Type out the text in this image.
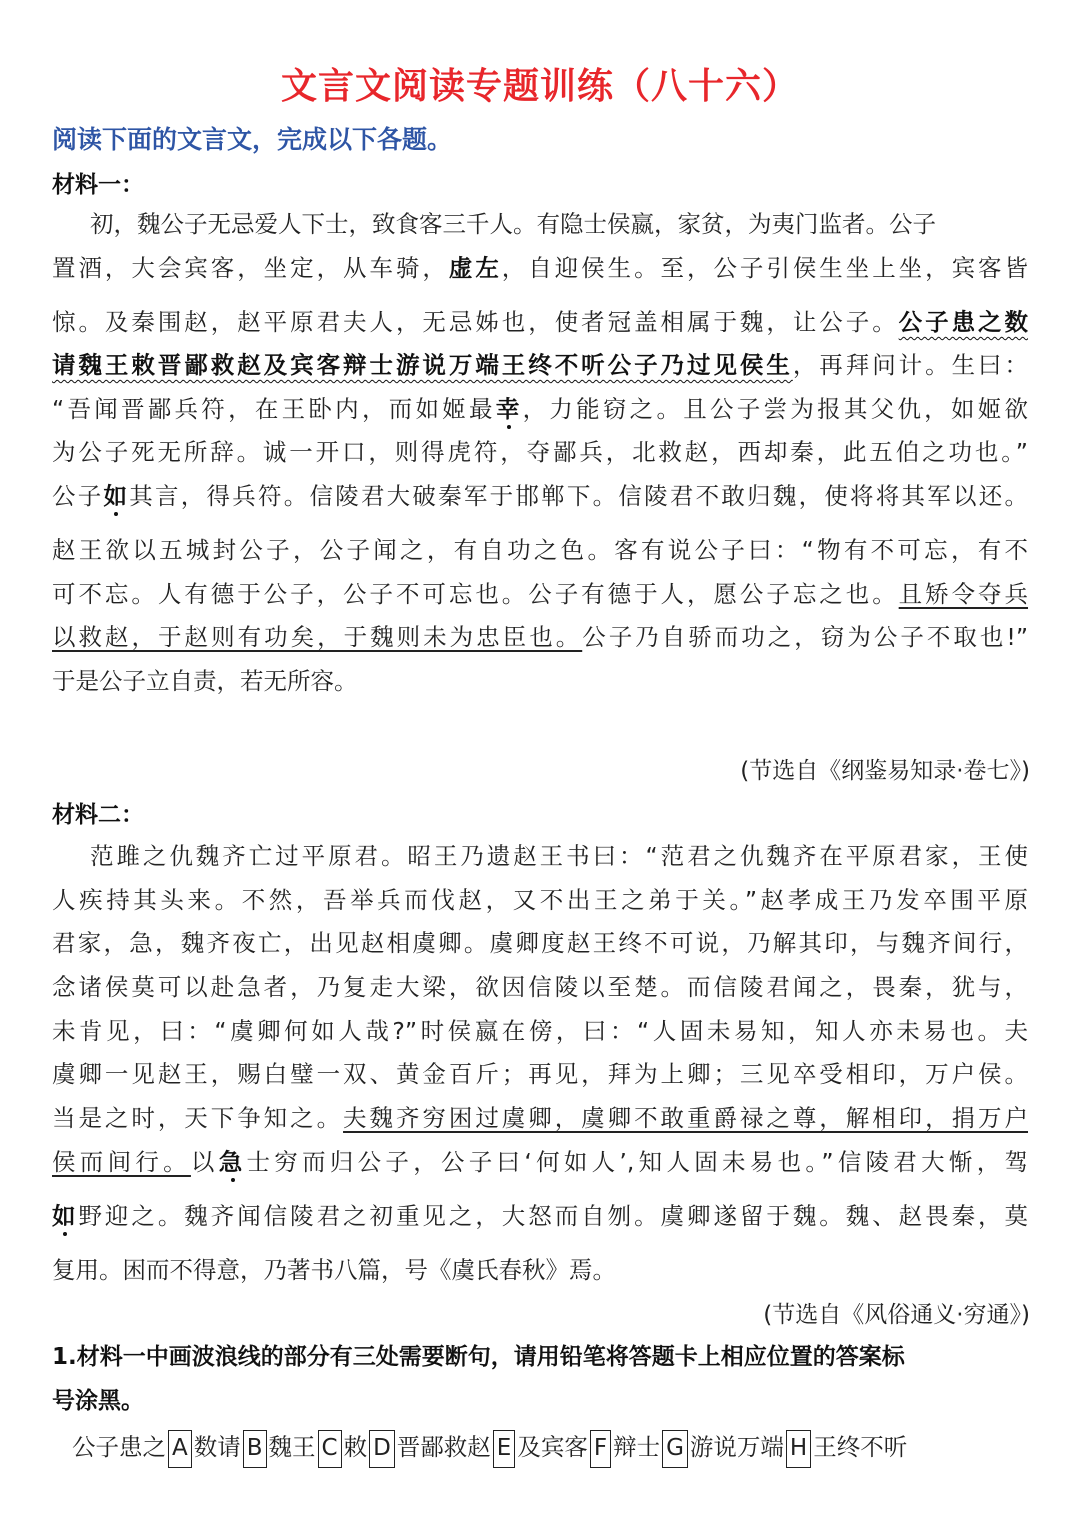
文言文阅读专题训练（八十六）
阅读下面的文言文，完成以下各题。
材料一：
初，魏公子无忌爱人下士，致食客三千人。有隐士侯嬴，家贫，为夷门监者。公子
置酒，大会宾客，坐定，从车骑，虚左，自迎侯生。至，公子引侯生坐上坐，宾客皆
惊。及秦围赵，赵平原君夫人，无忌姊也，使者冠盖相属于魏，让公子。公子患之数
请魏王敕晋鄙救赵及宾客辩士游说万端王终不听公子乃过见侯生，再拜问计。生曰：
“吾闻晋鄙兵符，在王卧内，而如姬最幸，力能窃之。且公子尝为报其父仇，如姬欲
为公子死无所辞。诚一开口，则得虎符，夺鄙兵，北救赵，西却秦，此五伯之功也。”
公子如其言，得兵符。信陵君大破秦军于邯郸下。信陵君不敢归魏，使将将其军以还。
赵王欲以五城封公子，公子闻之，有自功之色。客有说公子曰：“物有不可忘，有不
可不忘。人有德于公子，公子不可忘也。公子有德于人，愿公子忘之也。且矫令夺兵
以救赵，于赵则有功矣，于魏则未为忠臣也。公子乃自骄而功之，窃为公子不取也!”
于是公子立自责，若无所容。
(节选自《纲鉴易知录·卷七》)
材料二：
范雎之仇魏齐亡过平原君。昭王乃遗赵王书曰：“范君之仇魏齐在平原君家，王使
人疾持其头来。不然，吾举兵而伐赵，又不出王之弟于关。”赵孝成王乃发卒围平原
君家，急，魏齐夜亡，出见赵相虞卿。虞卿度赵王终不可说，乃解其印，与魏齐间行，
念诸侯莫可以赴急者，乃复走大梁，欲因信陵以至楚。而信陵君闻之，畏秦，犹与，
未肯见，曰：“虞卿何如人哉?”时侯嬴在傍，曰：“人固未易知，知人亦未易也。夫
虞卿一见赵王，赐白璧一双、黄金百斤；再见，拜为上卿；三见卒受相印，万户侯。
当是之时，天下争知之。夫魏齐穷困过虞卿，虞卿不敢重爵禄之尊，解相印，捐万户
侯而间行。以急士穷而归公子，公子曰‘何如人’,知人固未易也。”信陵君大惭，驾
如野迎之。魏齐闻信陵君之初重见之，大怒而自刎。虞卿遂留于魏。魏、赵畏秦，莫
复用。困而不得意，乃著书八篇，号《虞氏春秋》焉。
(节选自《风俗通义·穷通》)
1.材料一中画波浪线的部分有三处需要断句，请用铅笔将答题卡上相应位置的答案标
号涂黑。
公子患之 A 数请 B 魏王 C 敕 D 晋鄙救赵 E 及宾客 F 辩士 G 游说万端 H 王终不听
